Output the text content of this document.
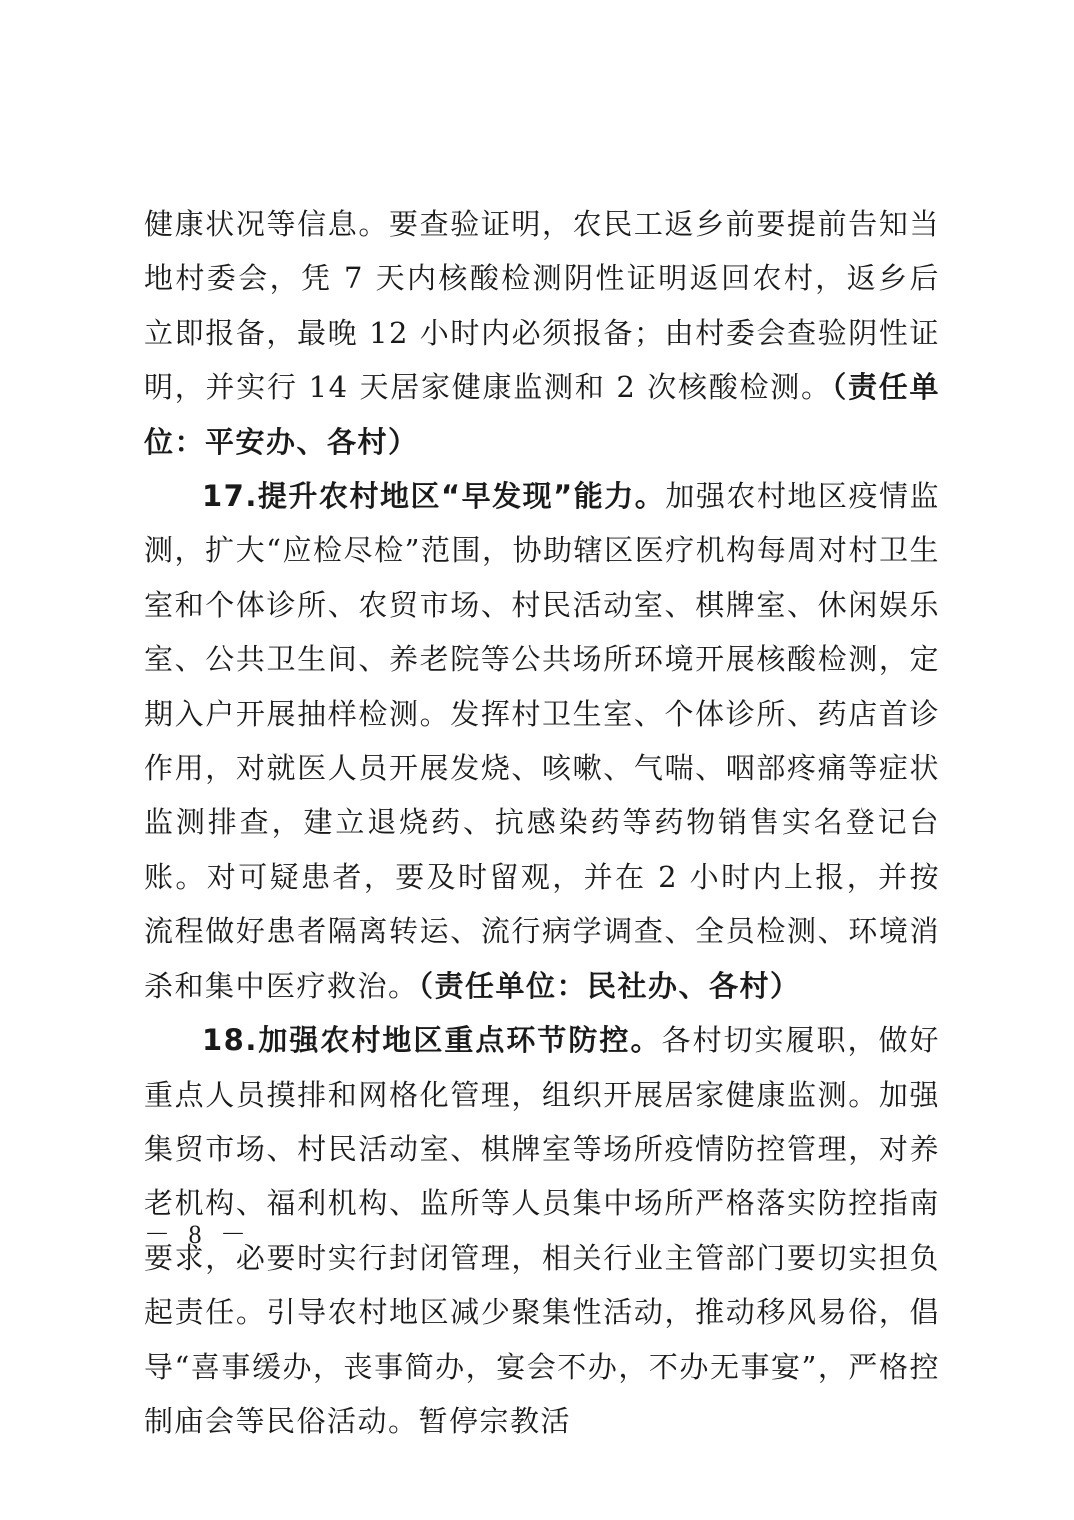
健康状况等信息。要查验证明，农民工返乡前要提前告知当地村委会，凭 7 天内核酸检测阴性证明返回农村，返乡后立即报备，最晚 12 小时内必须报备；由村委会查验阴性证明，并实行 14 天居家健康监测和 2 次核酸检测。（责任单位：平安办、各村）

17.提升农村地区“早发现”能力。加强农村地区疫情监测，扩大“应检尽检”范围，协助辖区医疗机构每周对村卫生室和个体诊所、农贸市场、村民活动室、棋牌室、休闲娱乐室、公共卫生间、养老院等公共场所环境开展核酸检测，定期入户开展抽样检测。发挥村卫生室、个体诊所、药店首诊作用，对就医人员开展发烧、咳嗽、气喘、咽部疼痛等症状监测排查，建立退烧药、抗感染药等药物销售实名登记台账。对可疑患者，要及时留观，并在 2 小时内上报，并按流程做好患者隔离转运、流行病学调查、全员检测、环境消杀和集中医疗救治。（责任单位：民社办、各村）

18.加强农村地区重点环节防控。各村切实履职，做好重点人员摸排和网格化管理，组织开展居家健康监测。加强集贸市场、村民活动室、棋牌室等场所疫情防控管理，对养老机构、福利机构、监所等人员集中场所严格落实防控指南要求，必要时实行封闭管理，相关行业主管部门要切实担负起责任。引导农村地区减少聚集性活动，推动移风易俗，倡导“喜事缓办，丧事简办，宴会不办，不办无事宴”，严格控制庙会等民俗活动。暂停宗教活

－ 8 －
